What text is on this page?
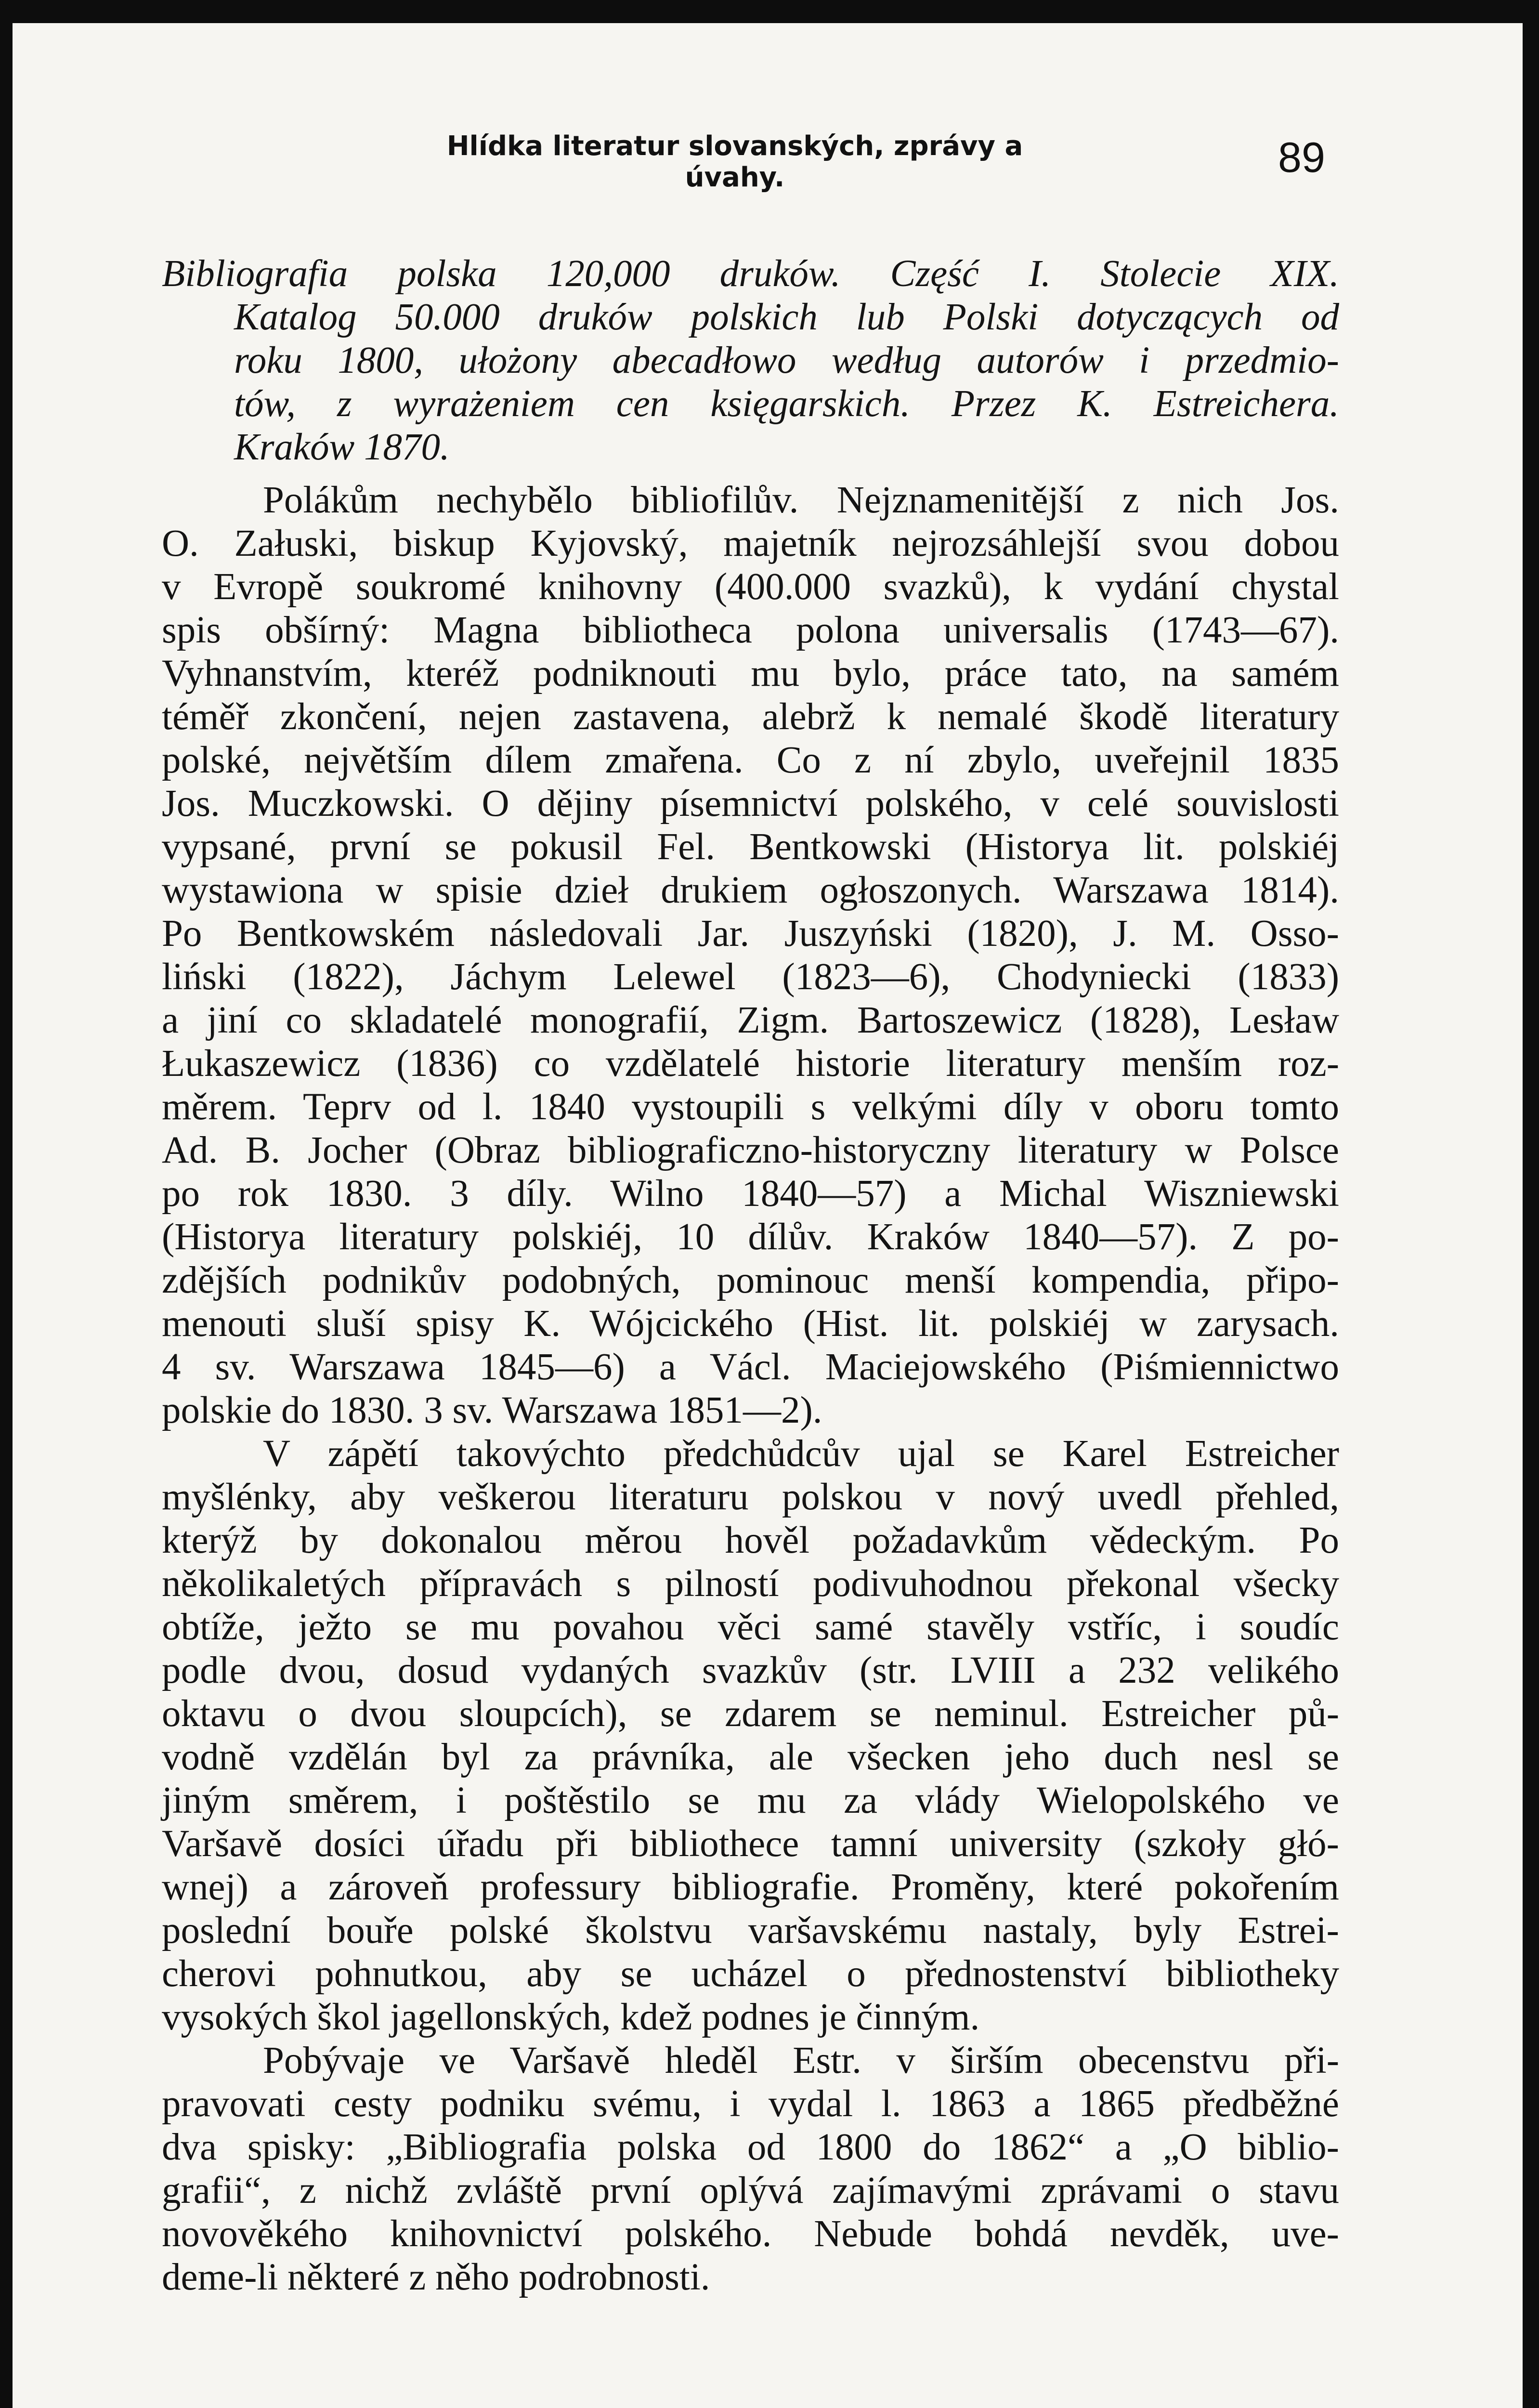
Hlídka literatur slovanských, zprávy a úvahy.	89
Bibliografia polska 120,000 druków. Część I. Stolecie XIX.
Katalog 50.000 druków polskich lub Polski dotyczących od
roku 1800, ułożony abecadłowo według autorów i przedmio-
tów, z wyrażeniem cen księgarskich. Przez K. Estreichera.
Kraków 1870.
Polákům nechybělo bibliofilův. Nejznamenitější z nich Jos.
O. Załuski, biskup Kyjovský, majetník nejrozsáhlejší svou dobou
v Evropě soukromé knihovny (400.000 svazků), k vydání chystal
spis obšírný: Magna bibliotheca polona universalis (1743—67).
Vyhnanstvím, kteréž podniknouti mu bylo, práce tato, na samém
téměř zkončení, nejen zastavena, alebrž k nemalé škodě literatury
polské, největším dílem zmařena. Co z ní zbylo, uveřejnil 1835
Jos. Muczkowski. O dějiny písemnictví polského, v celé souvislosti
vypsané, první se pokusil Fel. Bentkowski (Historya lit. polskiéj
wystawiona w spisie dzieł drukiem ogłoszonych. Warszawa 1814).
Po Bentkowském následovali Jar. Juszyński (1820), J. M. Osso-
liński (1822), Jáchym Lelewel (1823—6), Chodyniecki (1833)
a jiní co skladatelé monografií, Zigm. Bartoszewicz (1828), Lesław
Łukaszewicz (1836) co vzdělatelé historie literatury menším roz-
měrem. Teprv od l. 1840 vystoupili s velkými díly v oboru tomto
Ad. B. Jocher (Obraz bibliograficzno-historyczny literatury w Polsce
po rok 1830. 3 díly. Wilno 1840—57) a Michal Wiszniewski
(Historya literatury polskiéj, 10 dílův. Kraków 1840—57). Z po-
zdějších podnikův podobných, pominouc menší kompendia, připo-
menouti sluší spisy K. Wójcického (Hist. lit. polskiéj w zarysach.
4 sv. Warszawa 1845—6) a Václ. Maciejowského (Piśmiennictwo
polskie do 1830. 3 sv. Warszawa 1851—2).
V zápětí takovýchto předchůdcův ujal se Karel Estreicher
myšlénky, aby veškerou literaturu polskou v nový uvedl přehled,
kterýž by dokonalou měrou hověl požadavkům vědeckým. Po
několikaletých přípravách s pilností podivuhodnou překonal všecky
obtíže, ježto se mu povahou věci samé stavěly vstříc, i soudíc
podle dvou, dosud vydaných svazkův (str. LVIII a 232 velikého
oktavu o dvou sloupcích), se zdarem se neminul. Estreicher pů-
vodně vzdělán byl za právníka, ale všecken jeho duch nesl se
jiným směrem, i poštěstilo se mu za vlády Wielopolského ve
Varšavě dosíci úřadu při bibliothece tamní university (szkoły głó-
wnej) a zároveň professury bibliografie. Proměny, které pokořením
poslední bouře polské školstvu varšavskému nastaly, byly Estrei-
cherovi pohnutkou, aby se ucházel o přednostenství bibliotheky
vysokých škol jagellonských, kdež podnes je činným.
Pobývaje ve Varšavě hleděl Estr. v širším obecenstvu při-
pravovati cesty podniku svému, i vydal l. 1863 a 1865 předběžné
dva spisky: „Bibliografia polska od 1800 do 1862“ a „O biblio-
grafii“, z nichž zvláště první oplývá zajímavými zprávami o stavu
novověkého knihovnictví polského. Nebude bohdá nevděk, uve-
deme-li některé z něho podrobnosti.
